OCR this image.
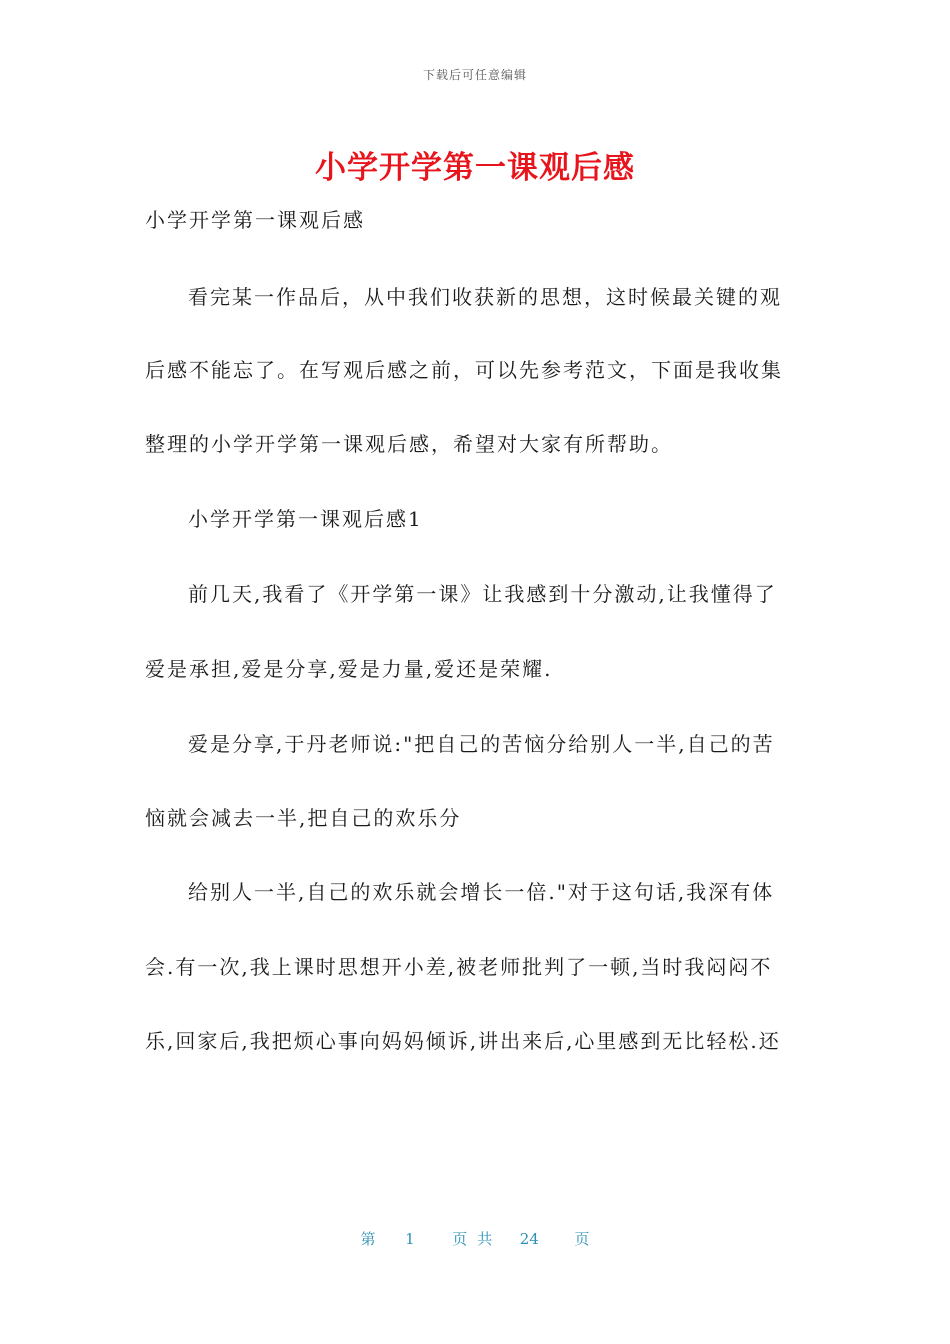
下载后可任意编辑
小学开学第一课观后感
小学开学第一课观后感
看完某一作品后，从中我们收获新的思想，这时候最关键的观
后感不能忘了。在写观后感之前，可以先参考范文，下面是我收集
整理的小学开学第一课观后感，希望对大家有所帮助。
小学开学第一课观后感1
前几天,我看了《开学第一课》让我感到十分激动,让我懂得了
爱是承担,爱是分享,爱是力量,爱还是荣耀.
爱是分享,于丹老师说:"把自己的苦恼分给别人一半,自己的苦
恼就会减去一半,把自己的欢乐分
给别人一半,自己的欢乐就会增长一倍."对于这句话,我深有体
会.有一次,我上课时思想开小差,被老师批判了一顿,当时我闷闷不
乐,回家后,我把烦心事向妈妈倾诉,讲出来后,心里感到无比轻松.还
第 1	页共 24 页
